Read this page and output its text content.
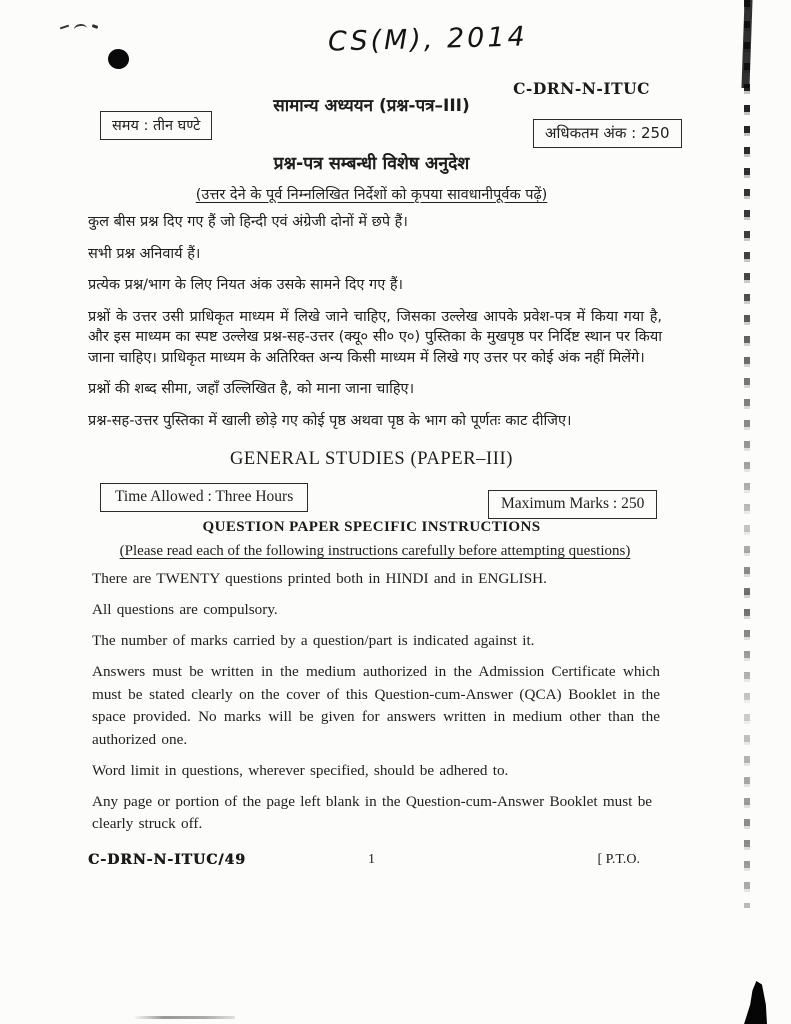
CS(M), 2014
C-DRN-N-ITUC
सामान्य अध्ययन (प्रश्न-पत्र–III)
समय : तीन घण्टे	अधिकतम अंक : 250
प्रश्न-पत्र सम्बन्धी विशेष अनुदेश
(उत्तर देने के पूर्व निम्नलिखित निर्देशों को कृपया सावधानीपूर्वक पढ़ें)

कुल बीस प्रश्न दिए गए हैं जो हिन्दी एवं अंग्रेजी दोनों में छपे हैं।

सभी प्रश्न अनिवार्य हैं।

प्रत्येक प्रश्न/भाग के लिए नियत अंक उसके सामने दिए गए हैं।

प्रश्नों के उत्तर उसी प्राधिकृत माध्यम में लिखे जाने चाहिए, जिसका उल्लेख आपके प्रवेश-पत्र में किया गया है, और इस माध्यम का स्पष्ट उल्लेख प्रश्न-सह-उत्तर (क्यू० सी० ए०) पुस्तिका के मुखपृष्ठ पर निर्दिष्ट स्थान पर किया जाना चाहिए। प्राधिकृत माध्यम के अतिरिक्त अन्य किसी माध्यम में लिखे गए उत्तर पर कोई अंक नहीं मिलेंगे।

प्रश्नों की शब्द सीमा, जहाँ उल्लिखित है, को माना जाना चाहिए।

प्रश्न-सह-उत्तर पुस्तिका में खाली छोड़े गए कोई पृष्ठ अथवा पृष्ठ के भाग को पूर्णतः काट दीजिए।

GENERAL STUDIES (PAPER–III)
Time Allowed : Three Hours	Maximum Marks : 250
QUESTION PAPER SPECIFIC INSTRUCTIONS
(Please read each of the following instructions carefully before attempting questions)

There are TWENTY questions printed both in HINDI and in ENGLISH.

All questions are compulsory.

The number of marks carried by a question/part is indicated against it.

Answers must be written in the medium authorized in the Admission Certificate which must be stated clearly on the cover of this Question-cum-Answer (QCA) Booklet in the space provided. No marks will be given for answers written in medium other than the authorized one.

Word limit in questions, wherever specified, should be adhered to.

Any page or portion of the page left blank in the Question-cum-Answer Booklet must be clearly struck off.

1
C-DRN-N-ITUC/49	[ P.T.O.
